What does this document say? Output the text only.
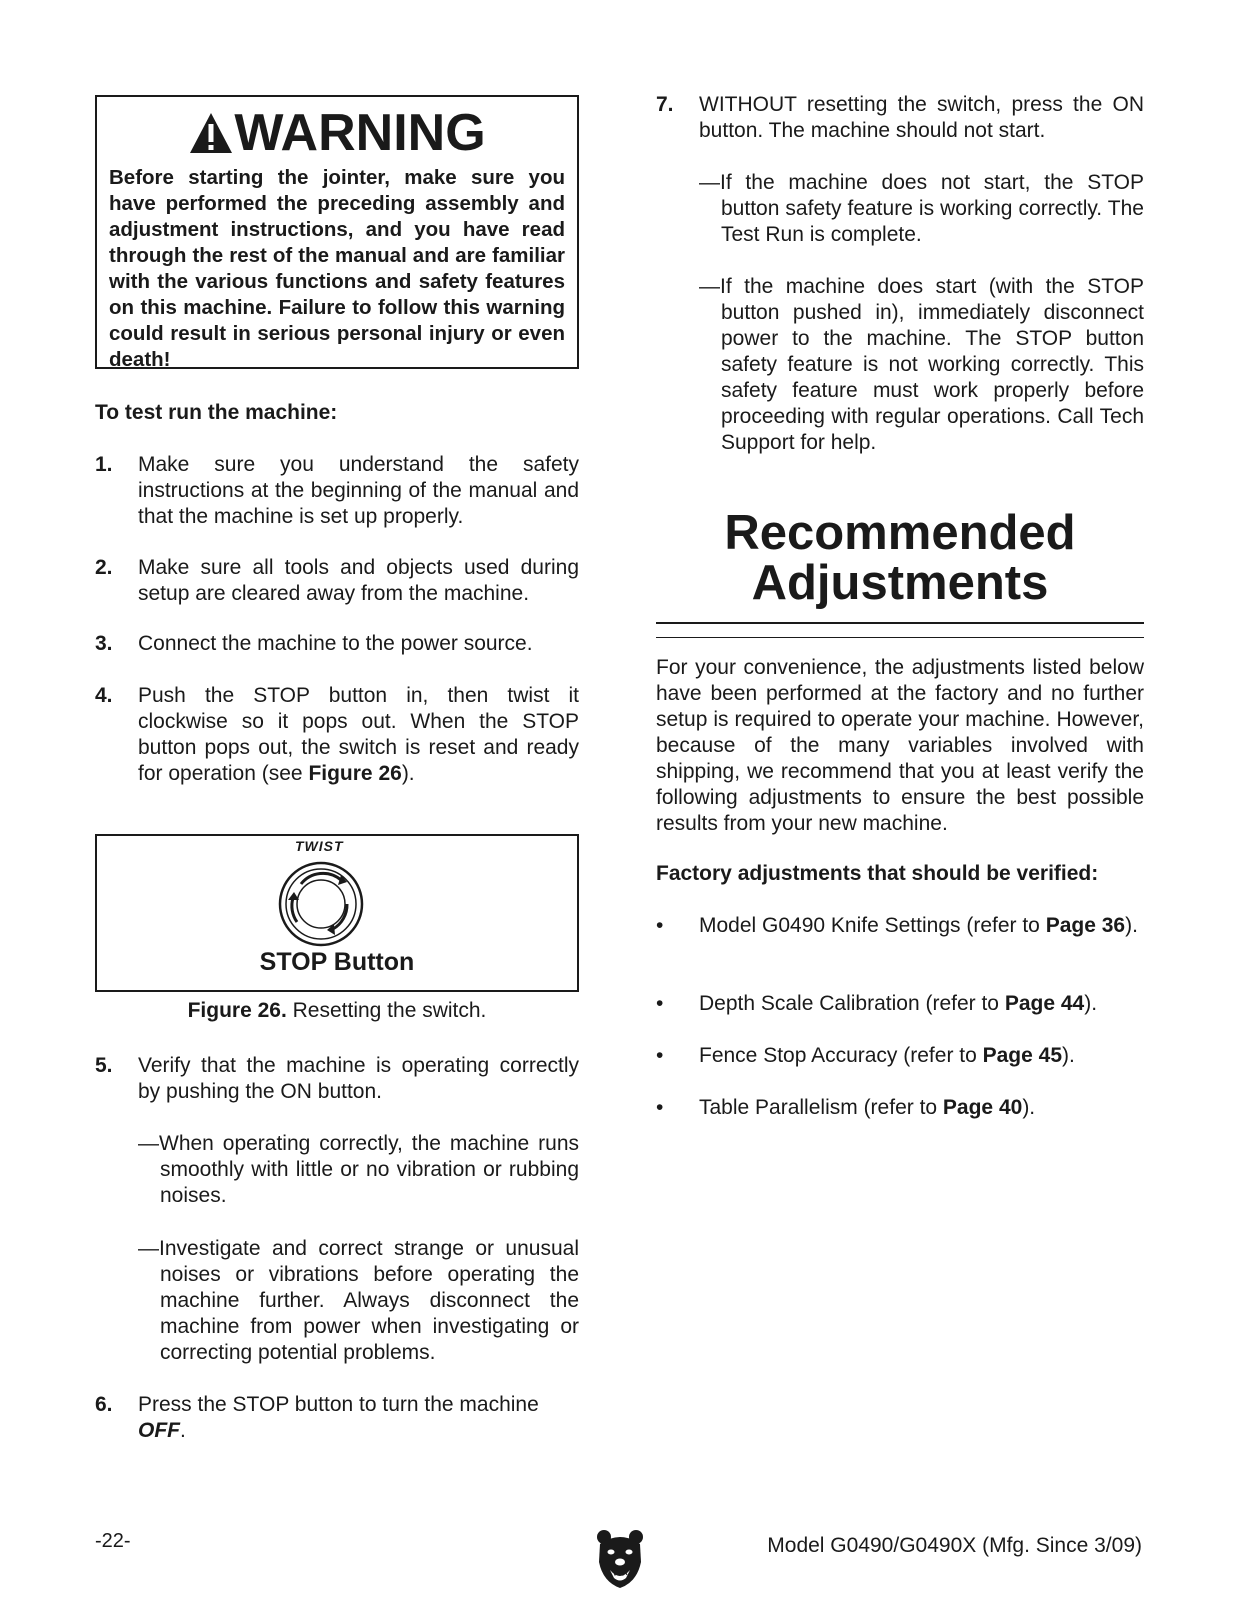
WARNING
Before starting the jointer, make sure you have performed the preceding assembly and adjustment instructions, and you have read through the rest of the manual and are familiar with the various functions and safety features on this machine. Failure to follow this warning could result in serious personal injury or even death!

To test run the machine:

1. Make sure you understand the safety instructions at the beginning of the manual and that the machine is set up properly.
2. Make sure all tools and objects used during setup are cleared away from the machine.
3. Connect the machine to the power source.
4. Push the STOP button in, then twist it clockwise so it pops out. When the STOP button pops out, the switch is reset and ready for operation (see Figure 26).
TWIST
STOP Button
Figure 26. Resetting the switch.
5. Verify that the machine is operating correctly by pushing the ON button.
—When operating correctly, the machine runs smoothly with little or no vibration or rubbing noises.
—Investigate and correct strange or unusual noises or vibrations before operating the machine further. Always disconnect the machine from power when investigating or correcting potential problems.
6. Press the STOP button to turn the machine
OFF.
7. WITHOUT resetting the switch, press the ON button. The machine should not start.
—If the machine does not start, the STOP button safety feature is working correctly. The Test Run is complete.
—If the machine does start (with the STOP button pushed in), immediately disconnect power to the machine. The STOP button safety feature is not working correctly. This safety feature must work properly before proceeding with regular operations. Call Tech Support for help.
Recommended
Adjustments

For your convenience, the adjustments listed below have been performed at the factory and no further setup is required to operate your machine. However, because of the many variables involved with shipping, we recommend that you at least verify the following adjustments to ensure the best possible results from your new machine.

Factory adjustments that should be verified:

• Model G0490 Knife Settings (refer to Page 36).
• Depth Scale Calibration (refer to Page 44).
• Fence Stop Accuracy (refer to Page 45).
• Table Parallelism (refer to Page 40).
-22-	Model G0490/G0490X (Mfg. Since 3/09)
